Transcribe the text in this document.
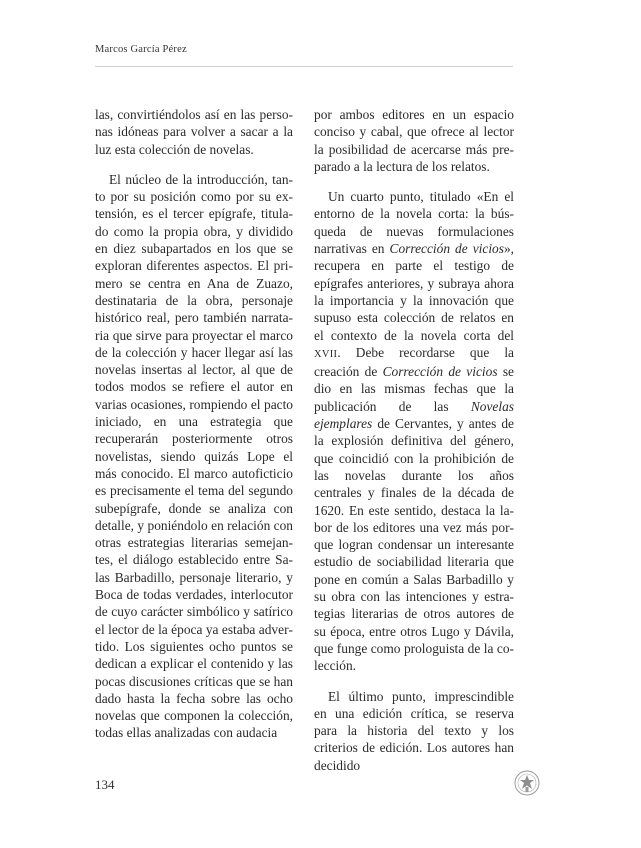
Marcos García Pérez

las, convirtiéndolos así en las personas idóneas para volver a sacar a la luz esta colección de novelas.

El núcleo de la introducción, tanto por su posición como por su extensión, es el tercer epígrafe, titulado como la propia obra, y dividido en diez subapartados en los que se exploran diferentes aspectos. El primero se centra en Ana de Zuazo, destinataria de la obra, personaje histórico real, pero también narrataria que sirve para proyectar el marco de la colección y hacer llegar así las novelas insertas al lector, al que de todos modos se refiere el autor en varias ocasiones, rompiendo el pacto iniciado, en una estrategia que recuperarán posteriormente otros novelistas, siendo quizás Lope el más conocido. El marco autoficticio es precisamente el tema del segundo subepígrafe, donde se analiza con detalle, y poniéndolo en relación con otras estrategias literarias semejantes, el diálogo establecido entre Salas Barbadillo, personaje literario, y Boca de todas verdades, interlocutor de cuyo carácter simbólico y satírico el lector de la época ya estaba advertido. Los siguientes ocho puntos se dedican a explicar el contenido y las pocas discusiones críticas que se han dado hasta la fecha sobre las ocho novelas que componen la colección, todas ellas analizadas con audacia

por ambos editores en un espacio conciso y cabal, que ofrece al lector la posibilidad de acercarse más preparado a la lectura de los relatos.

Un cuarto punto, titulado «En el entorno de la novela corta: la búsqueda de nuevas formulaciones narrativas en Corrección de vicios», recupera en parte el testigo de epígrafes anteriores, y subraya ahora la importancia y la innovación que supuso esta colección de relatos en el contexto de la novela corta del XVII. Debe recordarse que la creación de Corrección de vicios se dio en las mismas fechas que la publicación de las Novelas ejemplares de Cervantes, y antes de la explosión definitiva del género, que coincidió con la prohibición de las novelas durante los años centrales y finales de la década de 1620. En este sentido, destaca la labor de los editores una vez más porque logran condensar un interesante estudio de sociabilidad literaria que pone en común a Salas Barbadillo y su obra con las intenciones y estrategias literarias de otros autores de su época, entre otros Lugo y Dávila, que funge como prologuista de la colección.

El último punto, imprescindible en una edición crítica, se reserva para la historia del texto y los criterios de edición. Los autores han decidido

134
